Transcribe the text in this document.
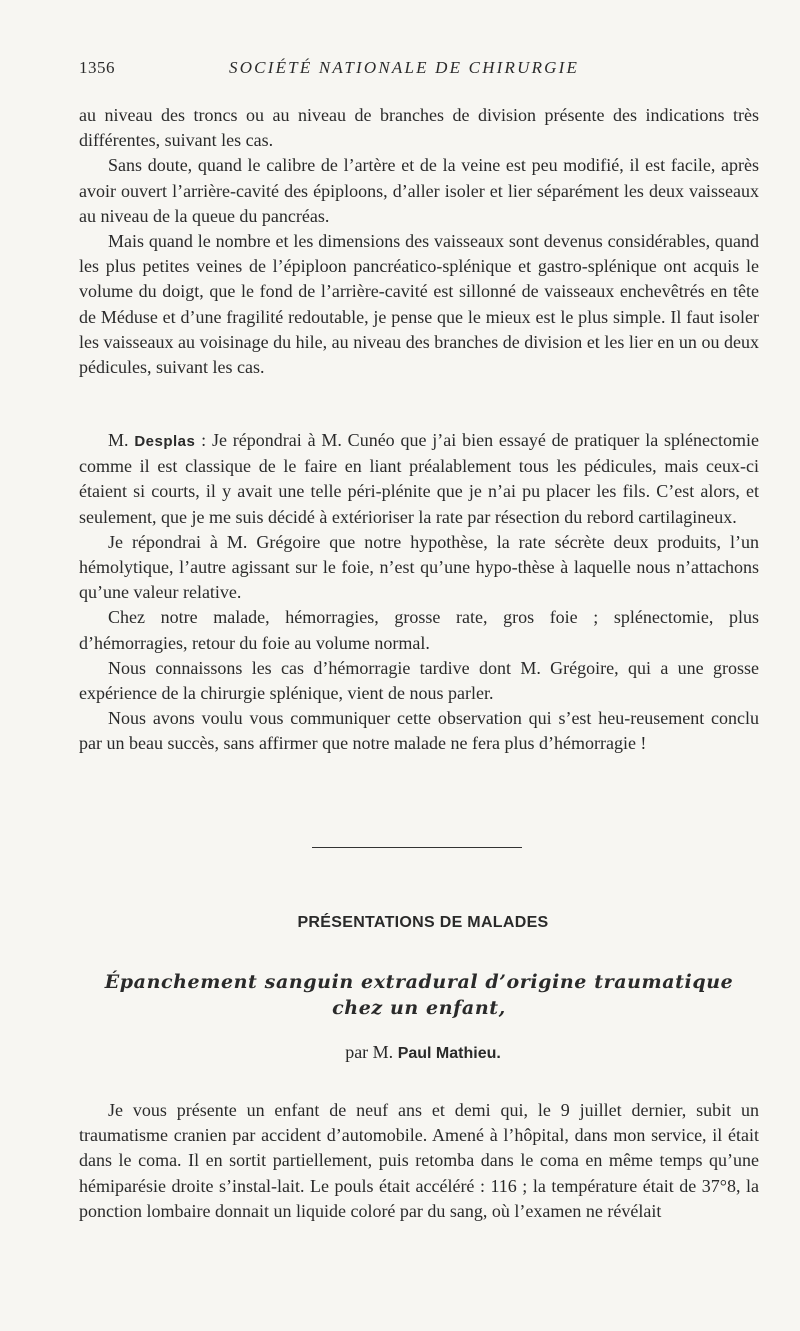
1356	SOCIÉTÉ NATIONALE DE CHIRURGIE

au niveau des troncs ou au niveau de branches de division présente des indications très différentes, suivant les cas.

Sans doute, quand le calibre de l’artère et de la veine est peu modifié, il est facile, après avoir ouvert l’arrière-cavité des épiploons, d’aller isoler et lier séparément les deux vaisseaux au niveau de la queue du pancréas.

Mais quand le nombre et les dimensions des vaisseaux sont devenus considérables, quand les plus petites veines de l’épiploon pancréatico-splénique et gastro-splénique ont acquis le volume du doigt, que le fond de l’arrière-cavité est sillonné de vaisseaux enchevêtrés en tête de Méduse et d’une fragilité redoutable, je pense que le mieux est le plus simple. Il faut isoler les vaisseaux au voisinage du hile, au niveau des branches de division et les lier en un ou deux pédicules, suivant les cas.

M. Desplas : Je répondrai à M. Cunéo que j’ai bien essayé de pratiquer la splénectomie comme il est classique de le faire en liant préalablement tous les pédicules, mais ceux-ci étaient si courts, il y avait une telle péri-plénite que je n’ai pu placer les fils. C’est alors, et seulement, que je me suis décidé à extérioriser la rate par résection du rebord cartilagineux.

Je répondrai à M. Grégoire que notre hypothèse, la rate sécrète deux produits, l’un hémolytique, l’autre agissant sur le foie, n’est qu’une hypo-thèse à laquelle nous n’attachons qu’une valeur relative.

Chez notre malade, hémorragies, grosse rate, gros foie ; splénectomie, plus d’hémorragies, retour du foie au volume normal.

Nous connaissons les cas d’hémorragie tardive dont M. Grégoire, qui a une grosse expérience de la chirurgie splénique, vient de nous parler.

Nous avons voulu vous communiquer cette observation qui s’est heu-reusement conclu par un beau succès, sans affirmer que notre malade ne fera plus d’hémorragie !

PRÉSENTATIONS DE MALADES
Épanchement sanguin extradural d’origine traumatique
chez un enfant,
par M. Paul Mathieu.

Je vous présente un enfant de neuf ans et demi qui, le 9 juillet dernier, subit un traumatisme cranien par accident d’automobile. Amené à l’hôpital, dans mon service, il était dans le coma. Il en sortit partiellement, puis retomba dans le coma en même temps qu’une hémiparésie droite s’instal-lait. Le pouls était accéléré : 116 ; la température était de 37°8, la ponction lombaire donnait un liquide coloré par du sang, où l’examen ne révélait
